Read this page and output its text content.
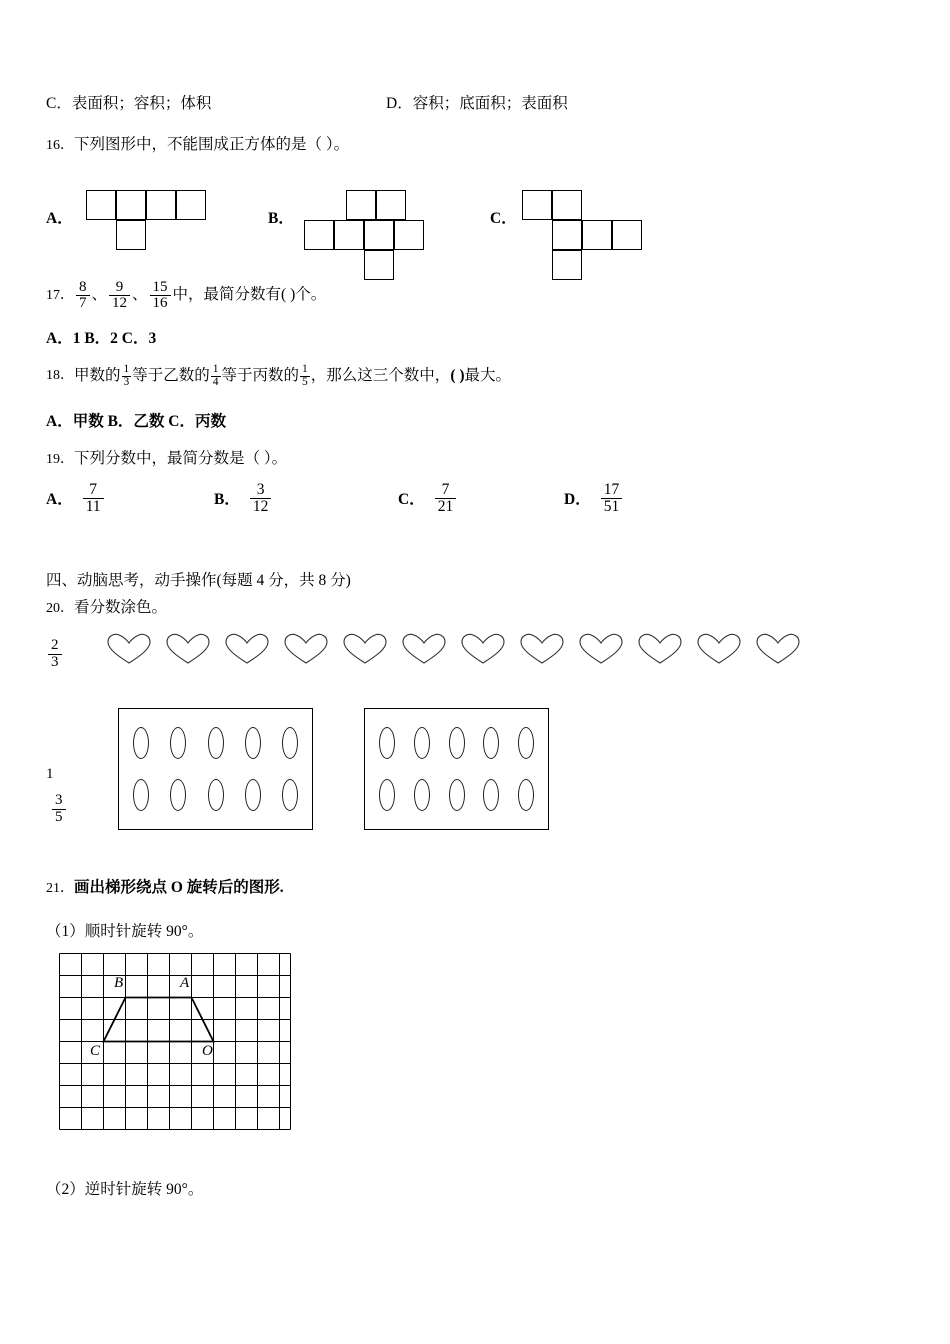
C．表面积；容积；体积	D．容积；底面积；表面积
16．下列图形中，不能围成正方体的是（ ）。
A．	B．	C．
17． $\frac{8}{7}$ 、 $\frac{9}{12}$ 、 $\frac{15}{16}$ 中，最简分数有( )个。
A．1 B．2 C．3
18． 甲数的 $\frac{1}{3}$ 等于乙数的 $\frac{1}{4}$ 等于丙数的 $\frac{1}{5}$ ，那么这三个数中， ( ) 最大。
A．甲数 B．乙数 C．丙数
19．下列分数中，最简分数是（ ）。
A． $\frac{7}{11}$	B． $\frac{3}{12}$	C． $\frac{7}{21}$	D． $\frac{17}{51}$
四、动脑思考，动手操作(每题 4 分，共 8 分)
20．看分数涂色。
$\frac{2}{3}$
1
$\frac{3}{5}$
21．画出梯形绕点 O 旋转后的图形.
（1）顺时针旋转 90°。
B	A
C	O
（2）逆时针旋转 90°。
